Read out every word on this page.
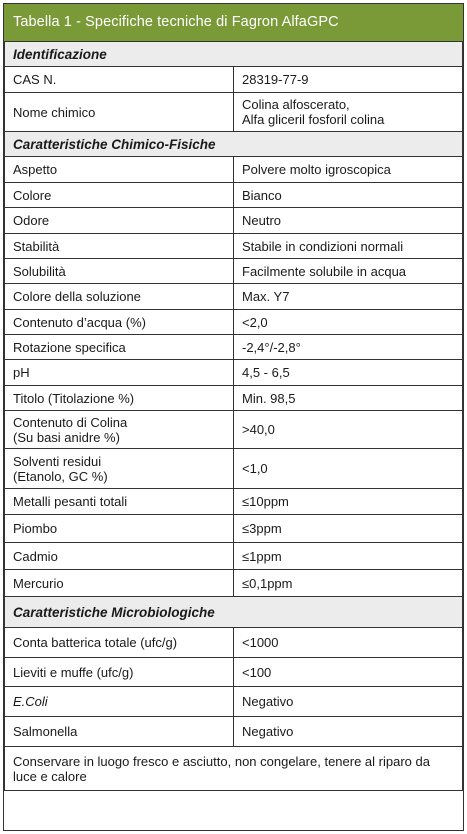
Tabella 1 - Specifiche tecniche di Fagron AlfaGPC
Identificazione	
CAS N.	28319-77-9
Nome chimico	Colina alfoscerato,
Alfa gliceril fosforil colina
Caratteristiche Chimico-Fisiche	
Aspetto	Polvere molto igroscopica
Colore	Bianco
Odore	Neutro
Stabilità	Stabile in condizioni normali
Solubilità	Facilmente solubile in acqua
Colore della soluzione	Max. Y7
Contenuto d’acqua (%)	<2,0
Rotazione specifica	-2,4°/-2,8°
pH	4,5 - 6,5
Titolo (Titolazione %)	Min. 98,5
Contenuto di Colina
(Su basi anidre %)	>40,0
Solventi residui
(Etanolo, GC %)	<1,0
Metalli pesanti totali	≤10ppm
Piombo	≤3ppm
Cadmio	≤1ppm
Mercurio	≤0,1ppm
Caratteristiche Microbiologiche	
Conta batterica totale (ufc/g)	<1000
Lieviti e muffe (ufc/g)	<100
E.Coli	Negativo
Salmonella	Negativo
Conservare in luogo fresco e asciutto, non congelare, tenere al riparo da luce e calore	
